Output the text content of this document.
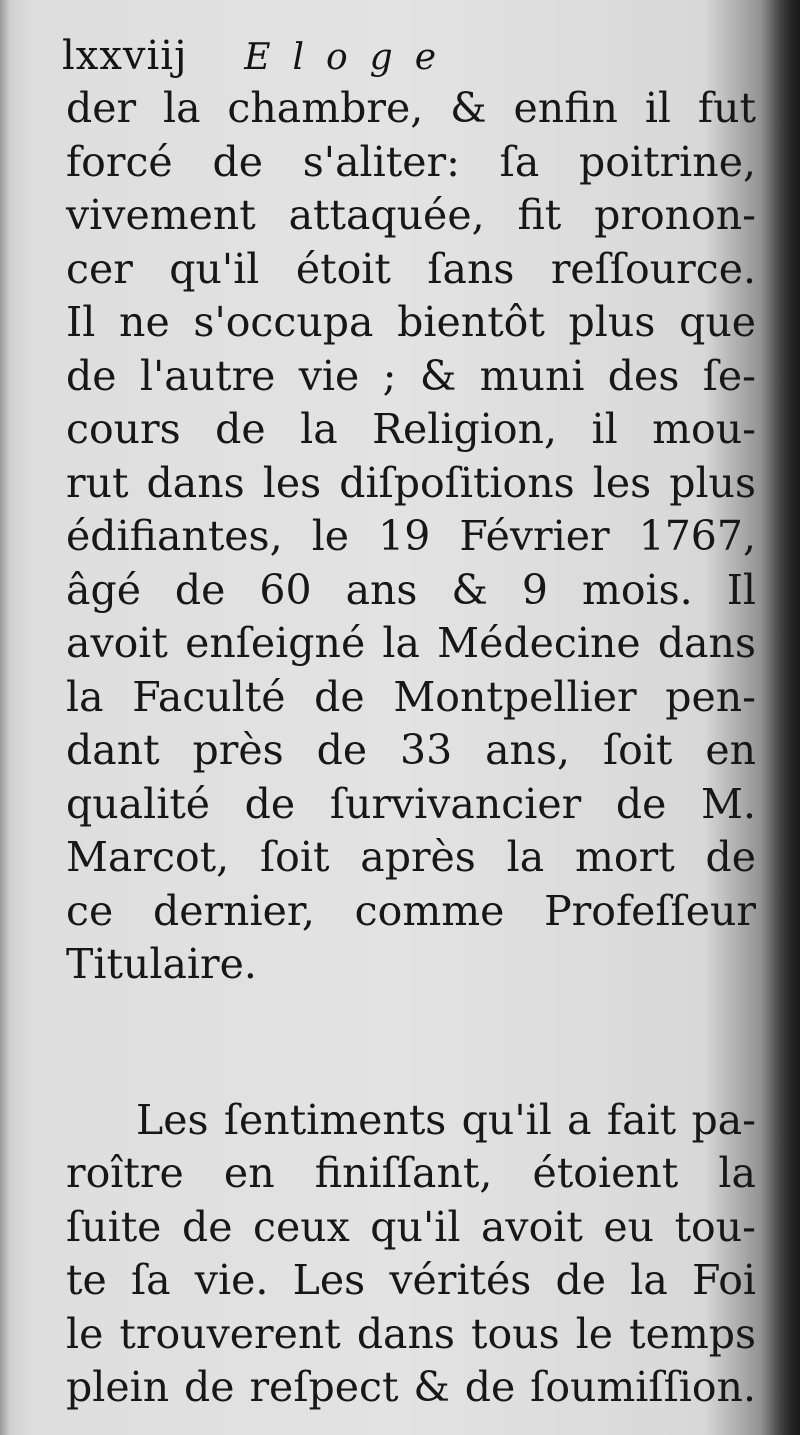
lxxviij Eloge
der la chambre, & enfin il fut
forcé de s'aliter: ſa poitrine,
vivement attaquée, fit pronon-
cer qu'il étoit ſans reſſource.
Il ne s'occupa bientôt plus que
de l'autre vie ; & muni des ſe-
cours de la Religion, il mou-
rut dans les diſpoſitions les plus
édifiantes, le 19 Février 1767,
âgé de 60 ans & 9 mois. Il
avoit enſeigné la Médecine dans
la Faculté de Montpellier pen-
dant près de 33 ans, ſoit en
qualité de ſurvivancier de M.
Marcot, ſoit après la mort de
ce dernier, comme Profeſſeur
Titulaire.
Les ſentiments qu'il a fait pa-
roître en finiſſant, étoient la
ſuite de ceux qu'il avoit eu tou-
te ſa vie. Les vérités de la Foi
le trouverent dans tous le temps
plein de reſpect & de ſoumiſſion.
